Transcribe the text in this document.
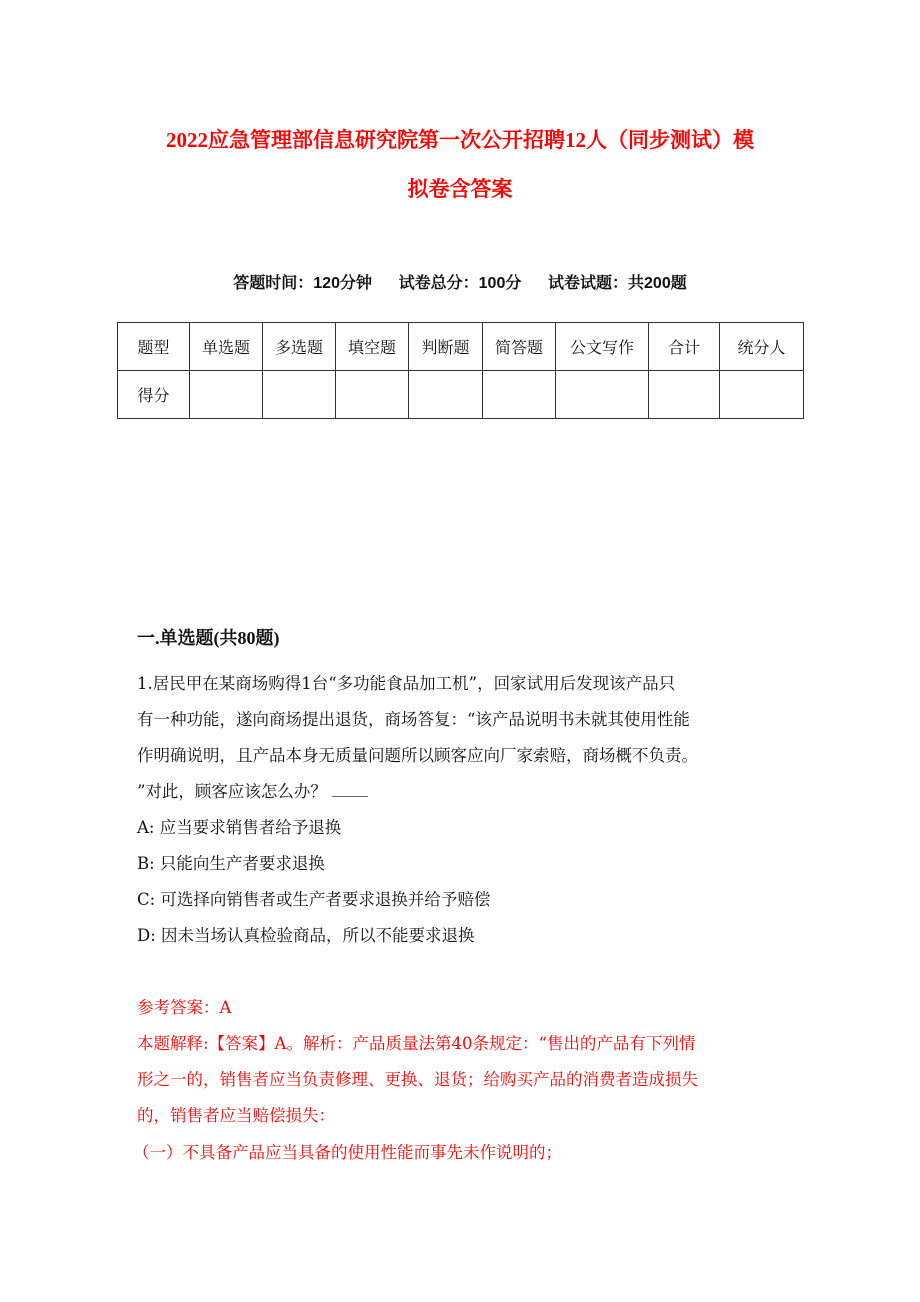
2022应急管理部信息研究院第一次公开招聘12人（同步测试）模
拟卷含答案
答题时间：120分钟 试卷总分：100分 试卷试题：共200题
题型	单选题	多选题	填空题	判断题	简答题	公文写作	合计	统分人
得分								
一.单选题(共80题)
1.居民甲在某商场购得1台“多功能食品加工机”，回家试用后发现该产品只
有一种功能，遂向商场提出退货，商场答复：“该产品说明书未就其使用性能
作明确说明，且产品本身无质量问题所以顾客应向厂家索赔，商场概不负责。
”对此，顾客应该怎么办？
A: 应当要求销售者给予退换
B: 只能向生产者要求退换
C: 可选择向销售者或生产者要求退换并给予赔偿
D: 因未当场认真检验商品，所以不能要求退换
参考答案：A
本题解释:【答案】A。解析：产品质量法第40条规定：“售出的产品有下列情
形之一的，销售者应当负责修理、更换、退货；给购买产品的消费者造成损失
的，销售者应当赔偿损失：
（一）不具备产品应当具备的使用性能而事先未作说明的；
